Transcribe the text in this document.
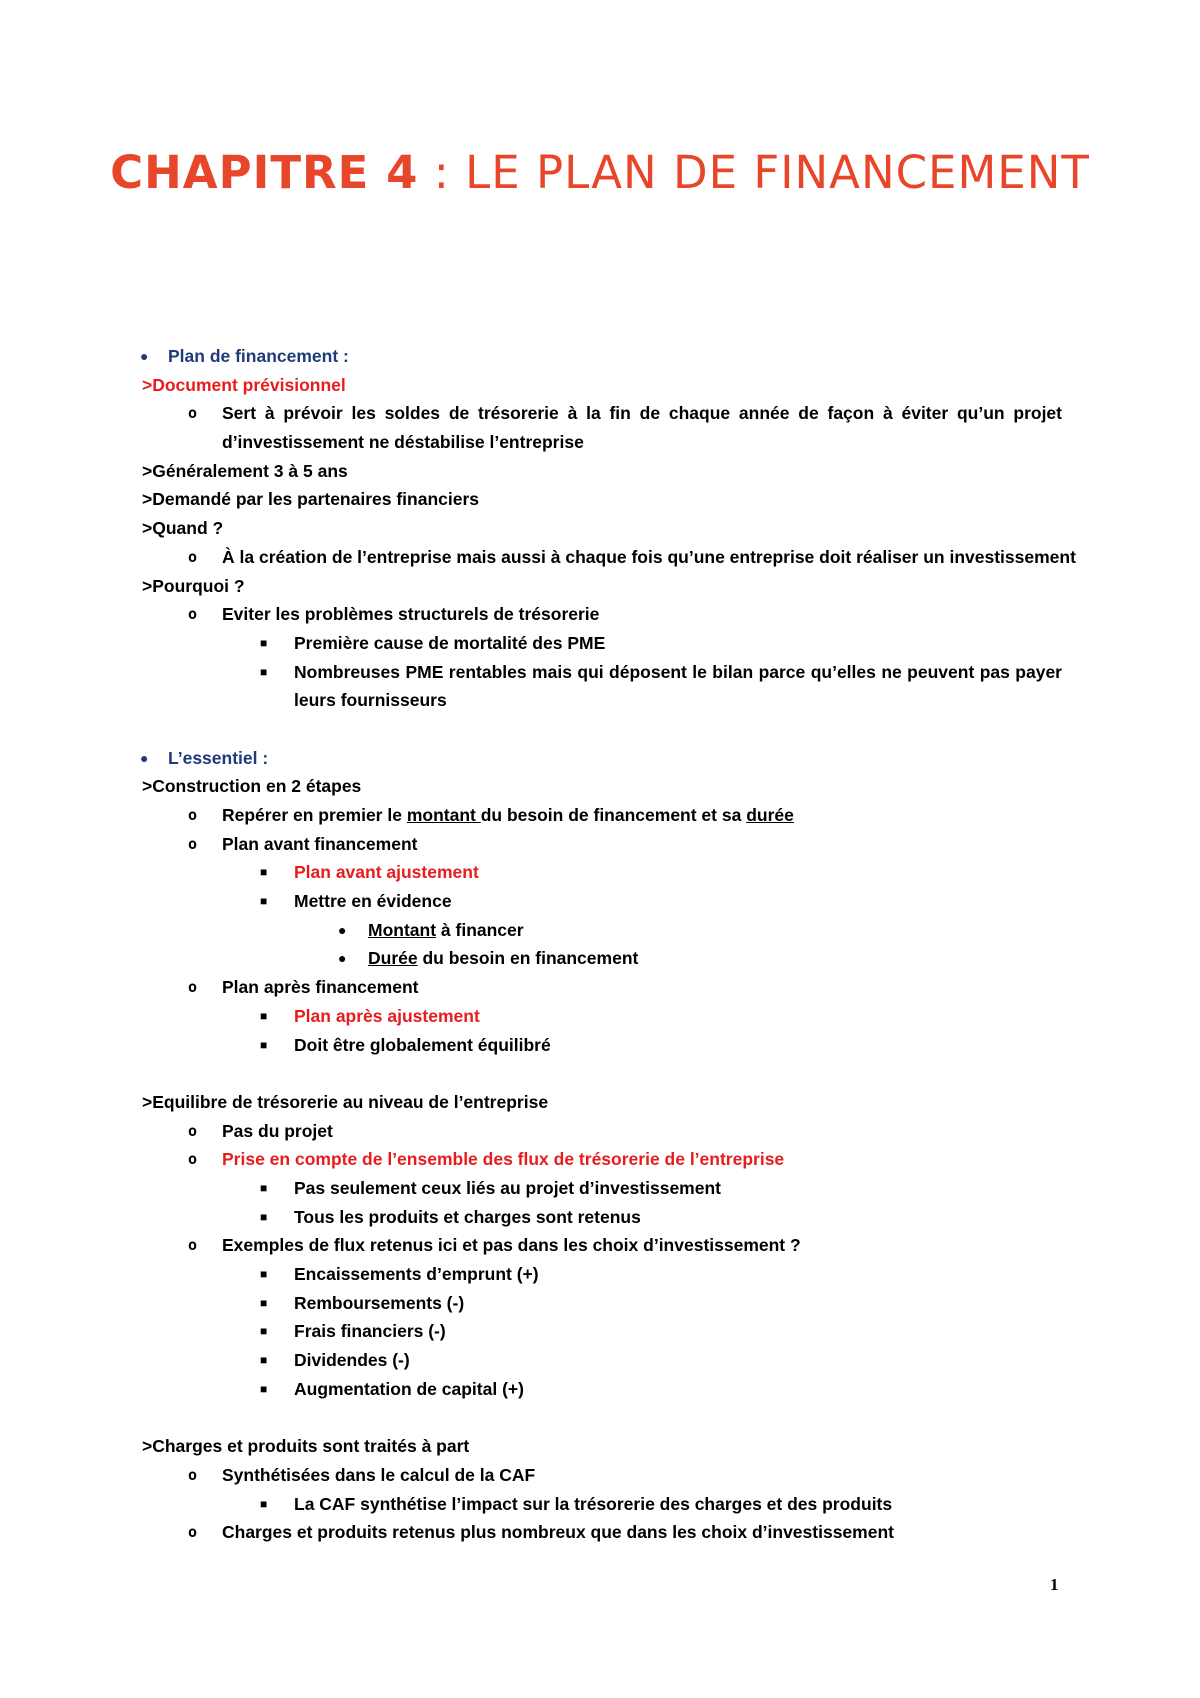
CHAPITRE 4 : LE PLAN DE FINANCEMENT
● Plan de financement :
>Document prévisionnel
o Sert à prévoir les soldes de trésorerie à la fin de chaque année de façon à éviter qu’un projet d’investissement ne déstabilise l’entreprise
>Généralement 3 à 5 ans
>Demandé par les partenaires financiers
>Quand ?
o À la création de l’entreprise mais aussi à chaque fois qu’une entreprise doit réaliser un investissement
>Pourquoi ?
o Eviter les problèmes structurels de trésorerie
■ Première cause de mortalité des PME
■ Nombreuses PME rentables mais qui déposent le bilan parce qu’elles ne peuvent pas payer leurs fournisseurs
● L’essentiel :
>Construction en 2 étapes
o Repérer en premier le montant du besoin de financement et sa durée
o Plan avant financement
■ Plan avant ajustement
■ Mettre en évidence
● Montant à financer
● Durée du besoin en financement
o Plan après financement
■ Plan après ajustement
■ Doit être globalement équilibré
>Equilibre de trésorerie au niveau de l’entreprise
o Pas du projet
o Prise en compte de l’ensemble des flux de trésorerie de l’entreprise
■ Pas seulement ceux liés au projet d’investissement
■ Tous les produits et charges sont retenus
o Exemples de flux retenus ici et pas dans les choix d’investissement ?
■ Encaissements d’emprunt (+)
■ Remboursements (-)
■ Frais financiers (-)
■ Dividendes (-)
■ Augmentation de capital (+)
>Charges et produits sont traités à part
o Synthétisées dans le calcul de la CAF
■ La CAF synthétise l’impact sur la trésorerie des charges et des produits
o Charges et produits retenus plus nombreux que dans les choix d’investissement
1
